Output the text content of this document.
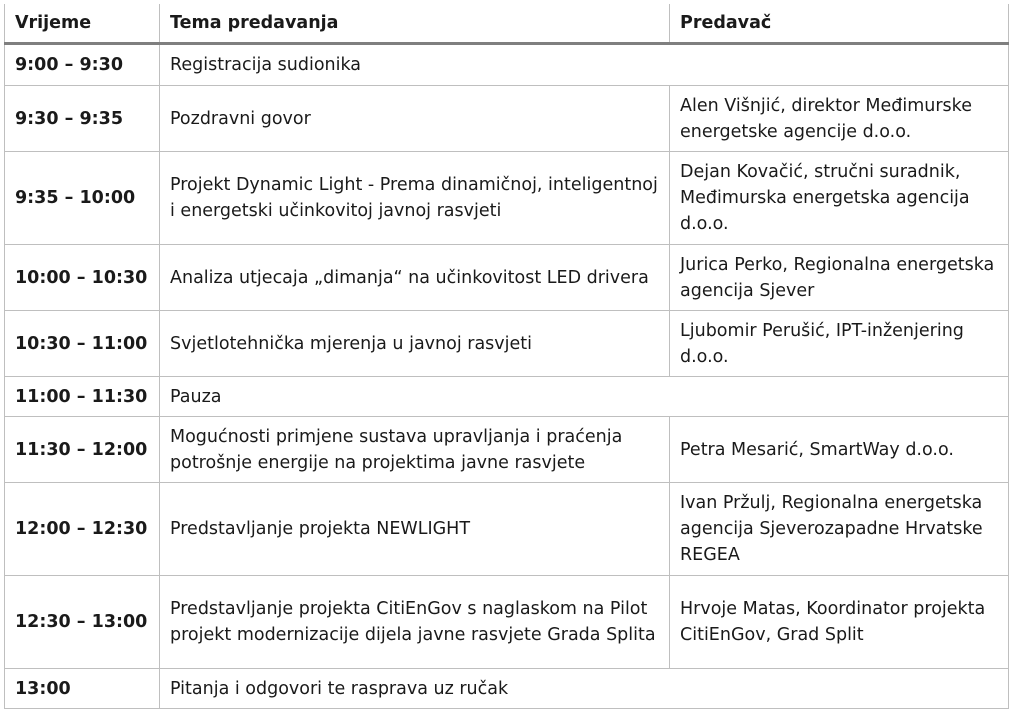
Vrijeme	Tema predavanja	Predavač
9:00 – 9:30	Registracija sudionika	
9:30 – 9:35	Pozdravni govor	Alen Višnjić, direktor Međimurske energetske agencije d.o.o.
9:35 – 10:00	Projekt Dynamic Light - Prema dinamičnoj, inteligentnoj i energetski učinkovitoj javnoj rasvjeti	Dejan Kovačić, stručni suradnik, Međimurska energetska agencija d.o.o.
10:00 – 10:30	Analiza utjecaja „dimanja“ na učinkovitost LED drivera	Jurica Perko, Regionalna energetska agencija Sjever
10:30 – 11:00	Svjetlotehnička mjerenja u javnoj rasvjeti	Ljubomir Perušić, IPT-inženjering d.o.o.
11:00 – 11:30	Pauza	
11:30 – 12:00	Mogućnosti primjene sustava upravljanja i praćenja potrošnje energije na projektima javne rasvjete	Petra Mesarić, SmartWay d.o.o.
12:00 – 12:30	Predstavljanje projekta NEWLIGHT	Ivan Pržulj, Regionalna energetska agencija Sjeverozapadne Hrvatske REGEA
12:30 – 13:00	Predstavljanje projekta CitiEnGov s naglaskom na Pilot projekt modernizacije dijela javne rasvjete Grada Splita	Hrvoje Matas, Koordinator projekta CitiEnGov, Grad Split
13:00	Pitanja i odgovori te rasprava uz ručak	
